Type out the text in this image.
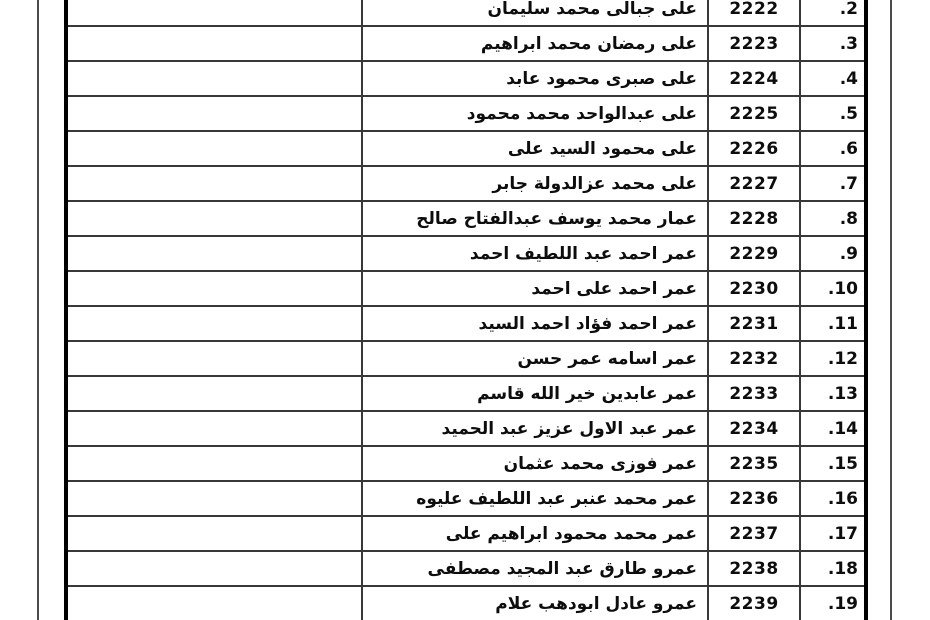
2.	2222	على جبالى محمد سليمان	
3.	2223	على رمضان محمد ابراهيم	
4.	2224	على صبرى محمود عابد	
5.	2225	على عبدالواحد محمد محمود	
6.	2226	على محمود السيد على	
7.	2227	على محمد عزالدولة جابر	
8.	2228	عمار محمد يوسف عبدالفتاح صالح	
9.	2229	عمر احمد عبد اللطيف احمد	
10.	2230	عمر احمد على احمد	
11.	2231	عمر احمد فؤاد احمد السيد	
12.	2232	عمر اسامه عمر حسن	
13.	2233	عمر عابدين خير الله قاسم	
14.	2234	عمر عبد الاول عزيز عبد الحميد	
15.	2235	عمر فوزى محمد عثمان	
16.	2236	عمر محمد عنبر عبد اللطيف عليوه	
17.	2237	عمر محمد محمود ابراهيم على	
18.	2238	عمرو طارق عبد المجيد مصطفى	
19.	2239	عمرو عادل ابودهب علام	
